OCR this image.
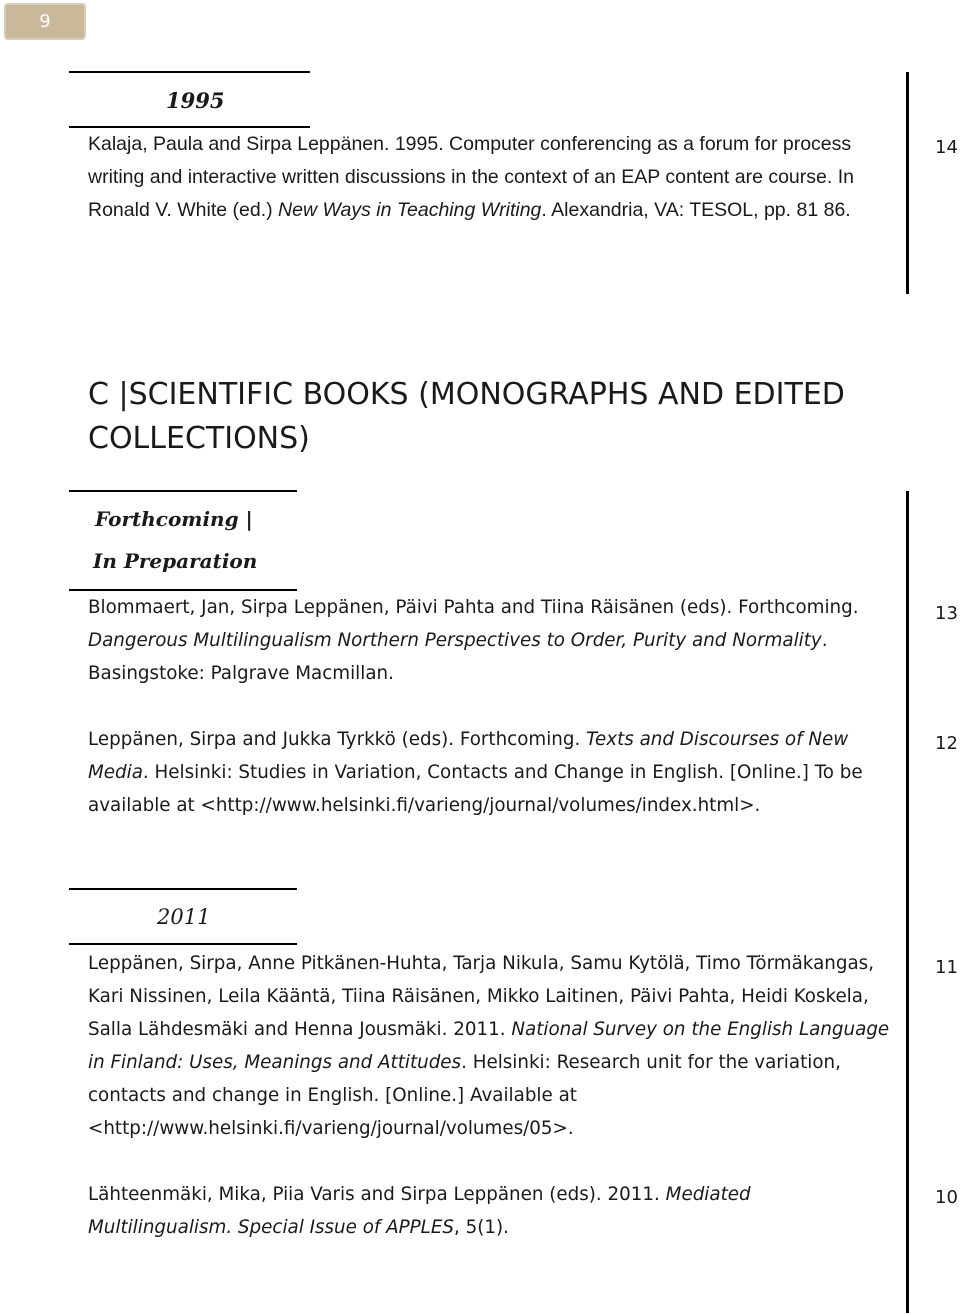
9
1995
Kalaja, Paula and Sirpa Leppänen. 1995. Computer conferencing as a forum for process writing and interactive written discussions in the context of an EAP content are course. In Ronald V. White (ed.) New Ways in Teaching Writing. Alexandria, VA: TESOL, pp. 81 86.
14
C |SCIENTIFIC BOOKS (MONOGRAPHS AND EDITED COLLECTIONS)
Forthcoming |
In Preparation
Blommaert, Jan, Sirpa Leppänen, Päivi Pahta and Tiina Räisänen (eds). Forthcoming. Dangerous Multilingualism Northern Perspectives to Order, Purity and Normality. Basingstoke: Palgrave Macmillan.
13
Leppänen, Sirpa and Jukka Tyrkkö (eds). Forthcoming. Texts and Discourses of New Media. Helsinki: Studies in Variation, Contacts and Change in English. [Online.] To be available at <http://www.helsinki.fi/varieng/journal/volumes/index.html>.
12
2011
Leppänen, Sirpa, Anne Pitkänen-Huhta, Tarja Nikula, Samu Kytölä, Timo Törmäkangas, Kari Nissinen, Leila Kääntä, Tiina Räisänen, Mikko Laitinen, Päivi Pahta, Heidi Koskela, Salla Lähdesmäki and Henna Jousmäki. 2011. National Survey on the English Language in Finland: Uses, Meanings and Attitudes. Helsinki: Research unit for the variation, contacts and change in English. [Online.] Available at <http://www.helsinki.fi/varieng/journal/volumes/05>.
11
Lähteenmäki, Mika, Piia Varis and Sirpa Leppänen (eds). 2011. Mediated Multilingualism. Special Issue of APPLES, 5(1).
10
